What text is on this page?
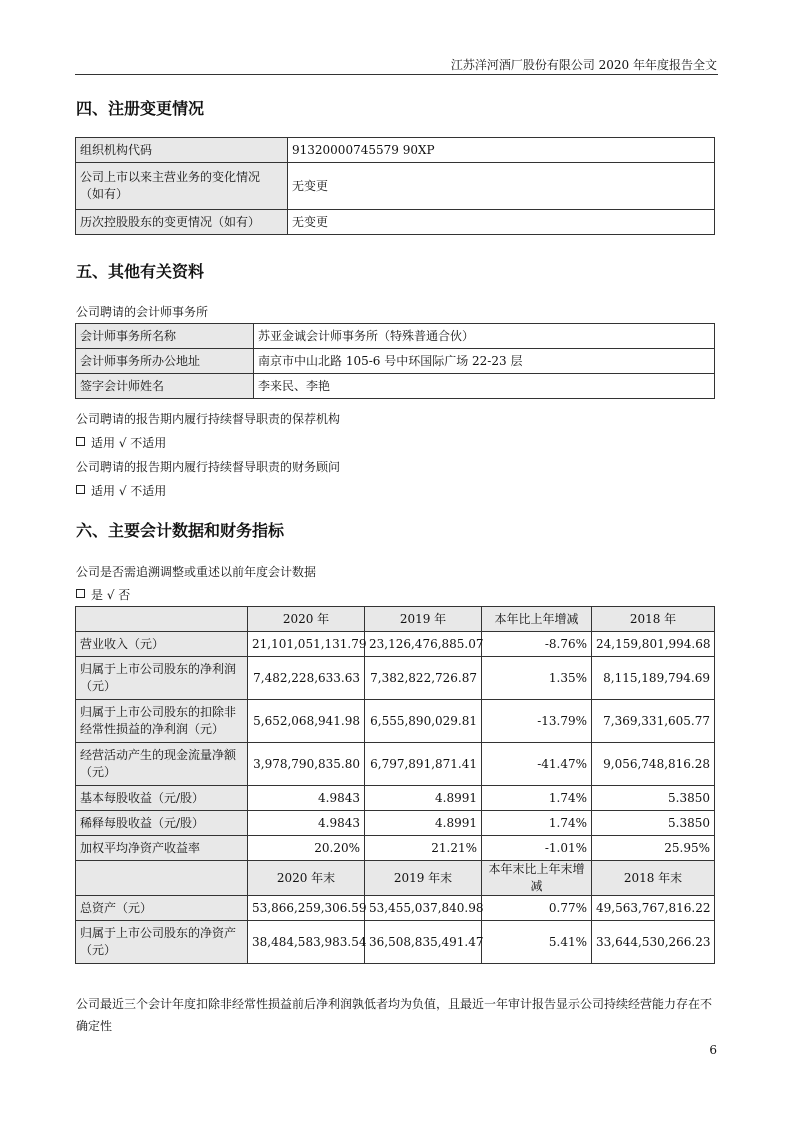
江苏洋河酒厂股份有限公司 2020 年年度报告全文
四、注册变更情况
组织机构代码	91320000745579 90XP
公司上市以来主营业务的变化情况（如有）	无变更
历次控股股东的变更情况（如有）	无变更
五、其他有关资料
公司聘请的会计师事务所
会计师事务所名称	苏亚金诚会计师事务所（特殊普通合伙）
会计师事务所办公地址	南京市中山北路 105-6 号中环国际广场 22-23 层
签字会计师姓名	李来民、李艳
公司聘请的报告期内履行持续督导职责的保荐机构
适用 √ 不适用
公司聘请的报告期内履行持续督导职责的财务顾问
适用 √ 不适用
六、主要会计数据和财务指标
公司是否需追溯调整或重述以前年度会计数据
是 √ 否
	2020 年	2019 年	本年比上年增减	2018 年
营业收入（元）	21,101,051,131.79	23,126,476,885.07	-8.76%	24,159,801,994.68
归属于上市公司股东的净利润（元）	7,482,228,633.63	7,382,822,726.87	1.35%	8,115,189,794.69
归属于上市公司股东的扣除非经常性损益的净利润（元）	5,652,068,941.98	6,555,890,029.81	-13.79%	7,369,331,605.77
经营活动产生的现金流量净额（元）	3,978,790,835.80	6,797,891,871.41	-41.47%	9,056,748,816.28
基本每股收益（元/股）	4.9843	4.8991	1.74%	5.3850
稀释每股收益（元/股）	4.9843	4.8991	1.74%	5.3850
加权平均净资产收益率	20.20%	21.21%	-1.01%	25.95%
	2020 年末	2019 年末	本年末比上年末增减	2018 年末
总资产（元）	53,866,259,306.59	53,455,037,840.98	0.77%	49,563,767,816.22
归属于上市公司股东的净资产（元）	38,484,583,983.54	36,508,835,491.47	5.41%	33,644,530,266.23
公司最近三个会计年度扣除非经常性损益前后净利润孰低者均为负值，且最近一年审计报告显示公司持续经营能力存在不确定性
6
